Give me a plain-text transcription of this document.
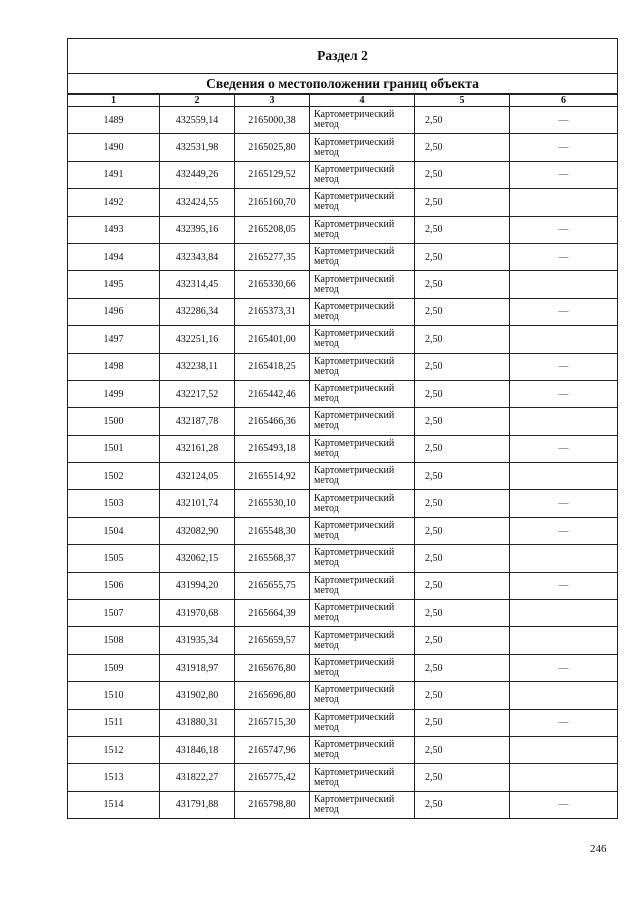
Раздел 2					
Сведения о местоположении границ объекта					
1	2	3	4	5	6
1489	432559,14	2165000,38	Картометрический
метод	2,50	—
1490	432531,98	2165025,80	Картометрический
метод	2,50	—
1491	432449,26	2165129,52	Картометрический
метод	2,50	—
1492	432424,55	2165160,70	Картометрический
метод	2,50	
1493	432395,16	2165208,05	Картометрический
метод	2,50	—
1494	432343,84	2165277,35	Картометрический
метод	2,50	—
1495	432314,45	2165330,66	Картометрический
метод	2,50	
1496	432286,34	2165373,31	Картометрический
метод	2,50	—
1497	432251,16	2165401,00	Картометрический
метод	2,50	
1498	432238,11	2165418,25	Картометрический
метод	2,50	—
1499	432217,52	2165442,46	Картометрический
метод	2,50	—
1500	432187,78	2165466,36	Картометрический
метод	2,50	
1501	432161,28	2165493,18	Картометрический
метод	2,50	—
1502	432124,05	2165514,92	Картометрический
метод	2,50	
1503	432101,74	2165530,10	Картометрический
метод	2,50	—
1504	432082,90	2165548,30	Картометрический
метод	2,50	—
1505	432062,15	2165568,37	Картометрический
метод	2,50	
1506	431994,20	2165655,75	Картометрический
метод	2,50	—
1507	431970,68	2165664,39	Картометрический
метод	2,50	
1508	431935,34	2165659,57	Картометрический
метод	2,50	
1509	431918,97	2165676,80	Картометрический
метод	2,50	—
1510	431902,80	2165696,80	Картометрический
метод	2,50	
1511	431880,31	2165715,30	Картометрический
метод	2,50	—
1512	431846,18	2165747,96	Картометрический
метод	2,50	
1513	431822,27	2165775,42	Картометрический
метод	2,50	
1514	431791,88	2165798,80	Картометрический
метод	2,50	—
246
